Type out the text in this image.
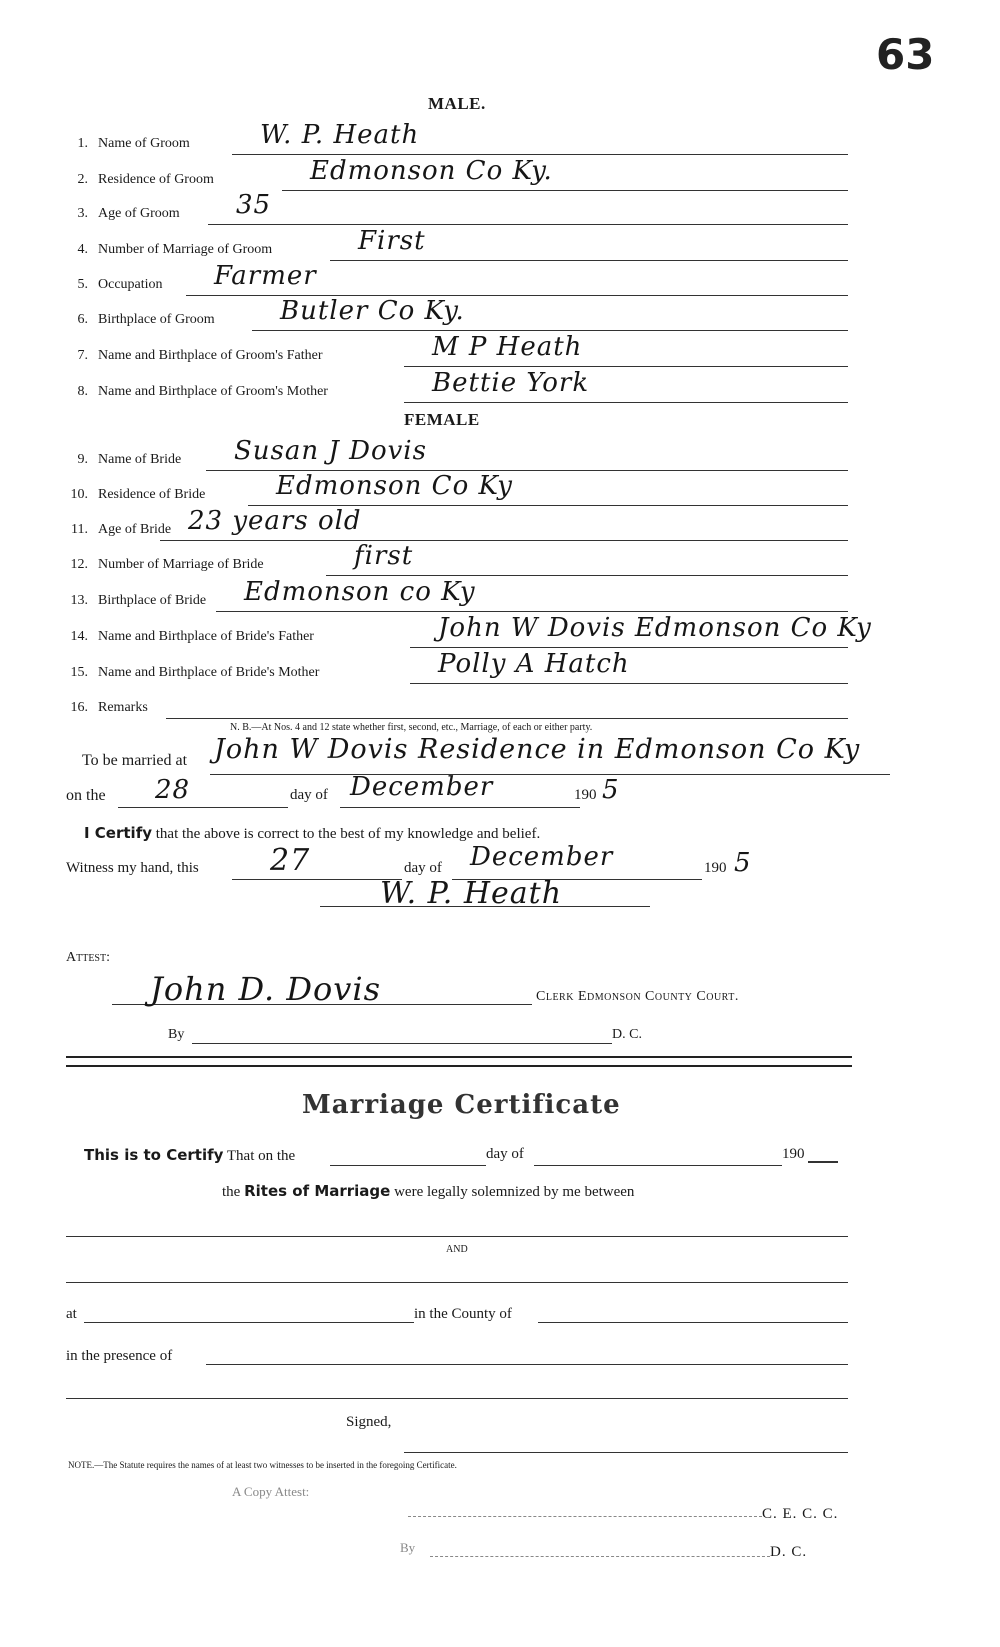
63
MALE.
1. Name of Groom	W. P. Heath
2. Residence of Groom	Edmonson Co Ky.
3. Age of Groom 35
4. Number of Marriage of Groom	First
5. Occupation Farmer
6. Birthplace of Groom	Butler Co Ky.
7. Name and Birthplace of Groom's Father	M P Heath
8. Name and Birthplace of Groom's Mother	Bettie York
FEMALE
9. Name of Bride Susan J Dovis
10. Residence of Bride	Edmonson Co Ky
11. Age of Bride 23 years old
12. Number of Marriage of Bride	first
13. Birthplace of Bride Edmonson co Ky
14. Name and Birthplace of Bride's Father	John W Dovis Edmonson Co Ky
15. Name and Birthplace of Bride's Mother	Polly A Hatch
16. Remarks
N. B.—At Nos. 4 and 12 state whether first, second, etc., Marriage, of each or either party.
To be married at John W Dovis Residence in Edmonson Co Ky
on the 28	day of December	190 5
I Certify that the above is correct to the best of my knowledge and belief.
Witness my hand, this 27	day of December	190 5
W. P. Heath
Attest:
John D. Dovis	Clerk Edmonson County Court.
By	D. C.
Marriage Certificate
This is to Certify That on the	day of	190
the Rites of Marriage were legally solemnized by me between
AND
at	in the County of
in the presence of
Signed,
NOTE.—The Statute requires the names of at least two witnesses to be inserted in the foregoing Certificate.
A Copy Attest:
C. E. C. C.
By	D. C.
